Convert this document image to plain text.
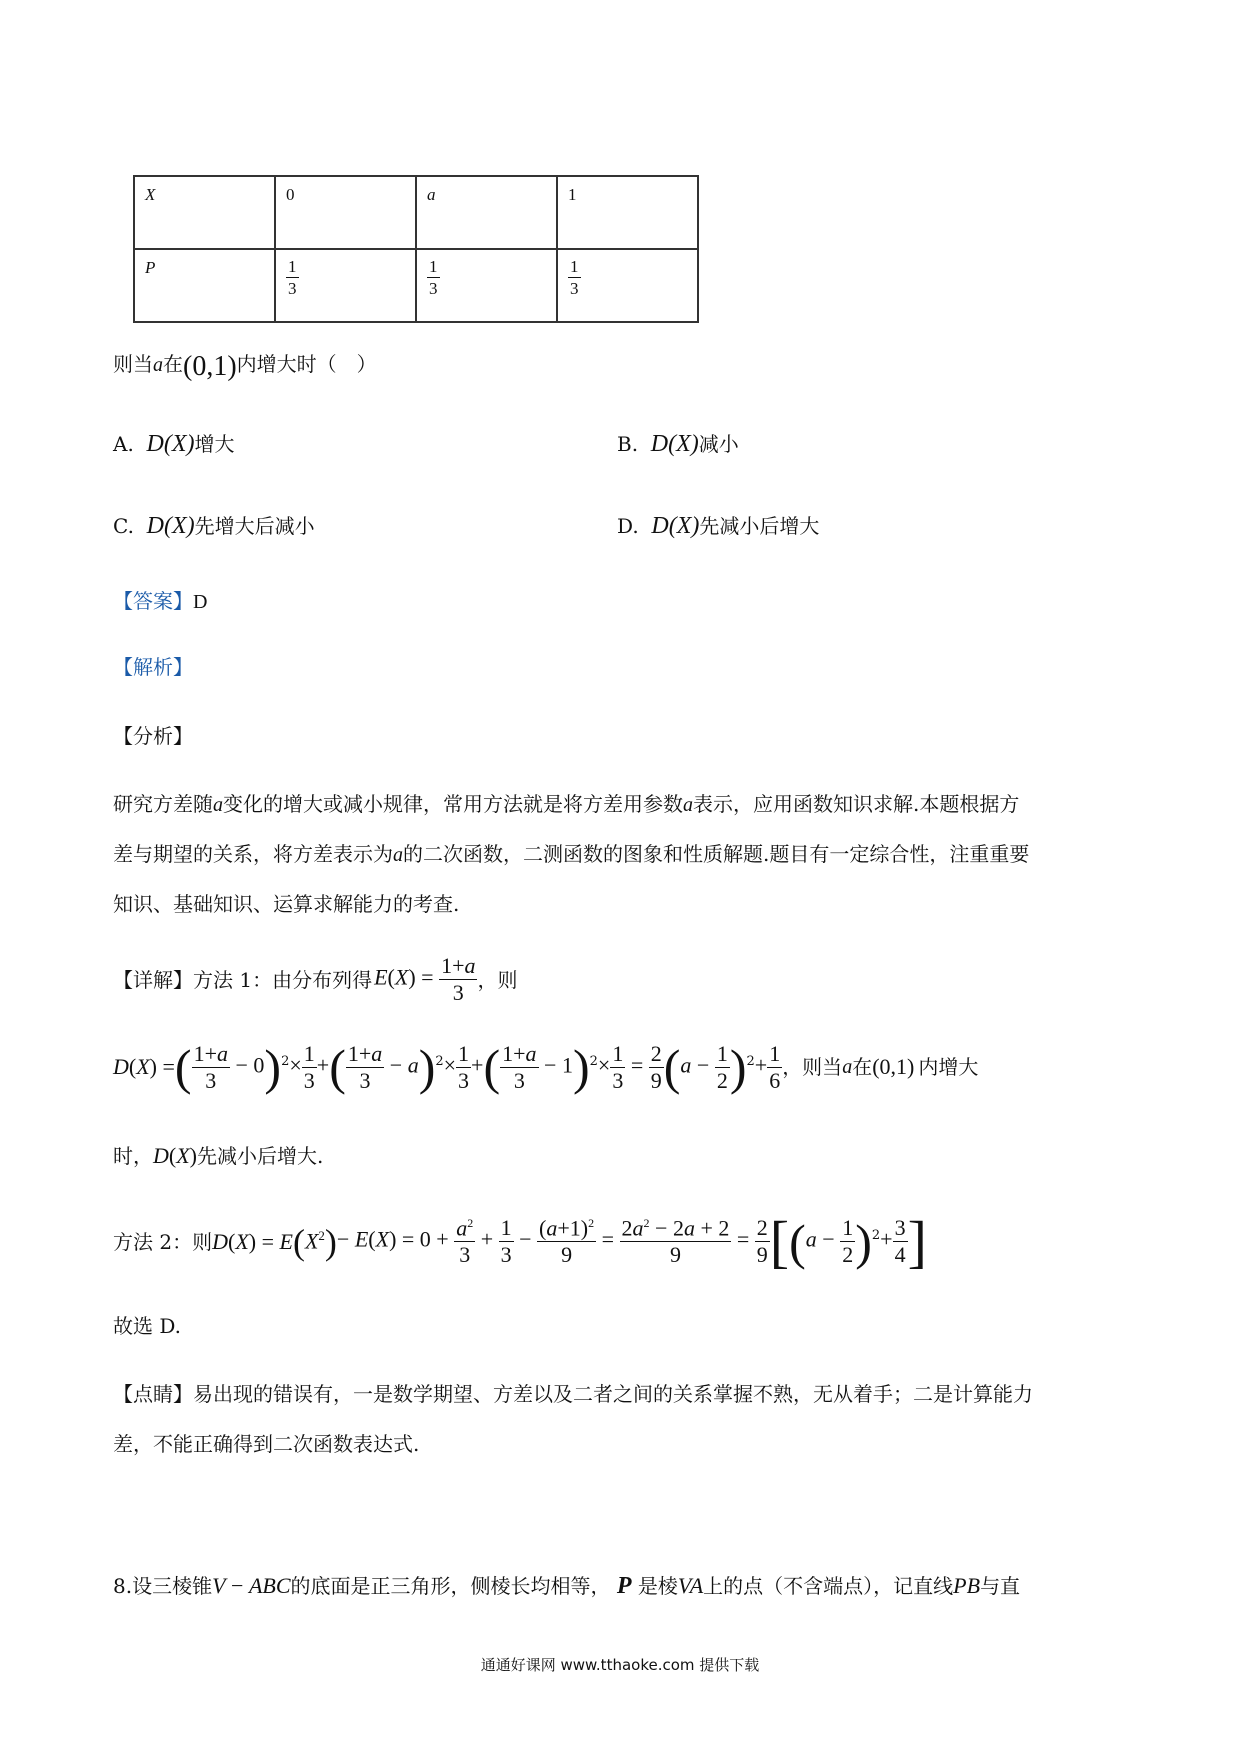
X	0	a	1
P	$\frac{1}{3}$	$\frac{1}{3}$	$\frac{1}{3}$
则当a在(0,1)内增大时（　）
A. D(X)增大	B. D(X)减小
C. D(X)先增大后减小	D. D(X)先减小后增大
【答案】D
【解析】
【分析】
研究方差随a变化的增大或减小规律，常用方法就是将方差用参数a表示，应用函数知识求解.本题根据方
差与期望的关系，将方差表示为a的二次函数，二测函数的图象和性质解题.题目有一定综合性，注重重要
知识、基础知识、运算求解能力的考查.
【详解】 方法 1：由分布列得 $E(X) = \frac{1+a}{3}$ ，则
D(X) = ( $\frac{1+a}{3} - 0$ ) $2 \times \frac{1}{3}$ + ( $\frac{1+a}{3} - a$ ) $2 \times \frac{1}{3}$ + ( $\frac{1+a}{3} - 1$ ) $2 \times \frac{1}{3} = \frac{2}{9}$ ( $a - \frac{1}{2}$ ) $2 + \frac{1}{6}$ ，则当 a 在 (0,1) 内增大
时，D(X)先减小后增大.
方法 2：则 D(X) = E ( $X^2$ ) − $E(X) = 0 + \frac{a^2}{3} + \frac{1}{3} - \frac{(a+1)^2}{9} = \frac{2a^2 - 2a + 2}{9} = \frac{2}{9}$ [ ( $a - \frac{1}{2}$ ) $2 + \frac{3}{4}$ ]
故选 D.
【点睛】易出现的错误有，一是数学期望、方差以及二者之间的关系掌握不熟，无从着手；二是计算能力
差，不能正确得到二次函数表达式.
8.设三棱锥V − ABC的底面是正三角形，侧棱长均相等， P 是棱VA上的点（不含端点），记直线PB与直
通通好课网 www.tthaoke.com 提供下载
